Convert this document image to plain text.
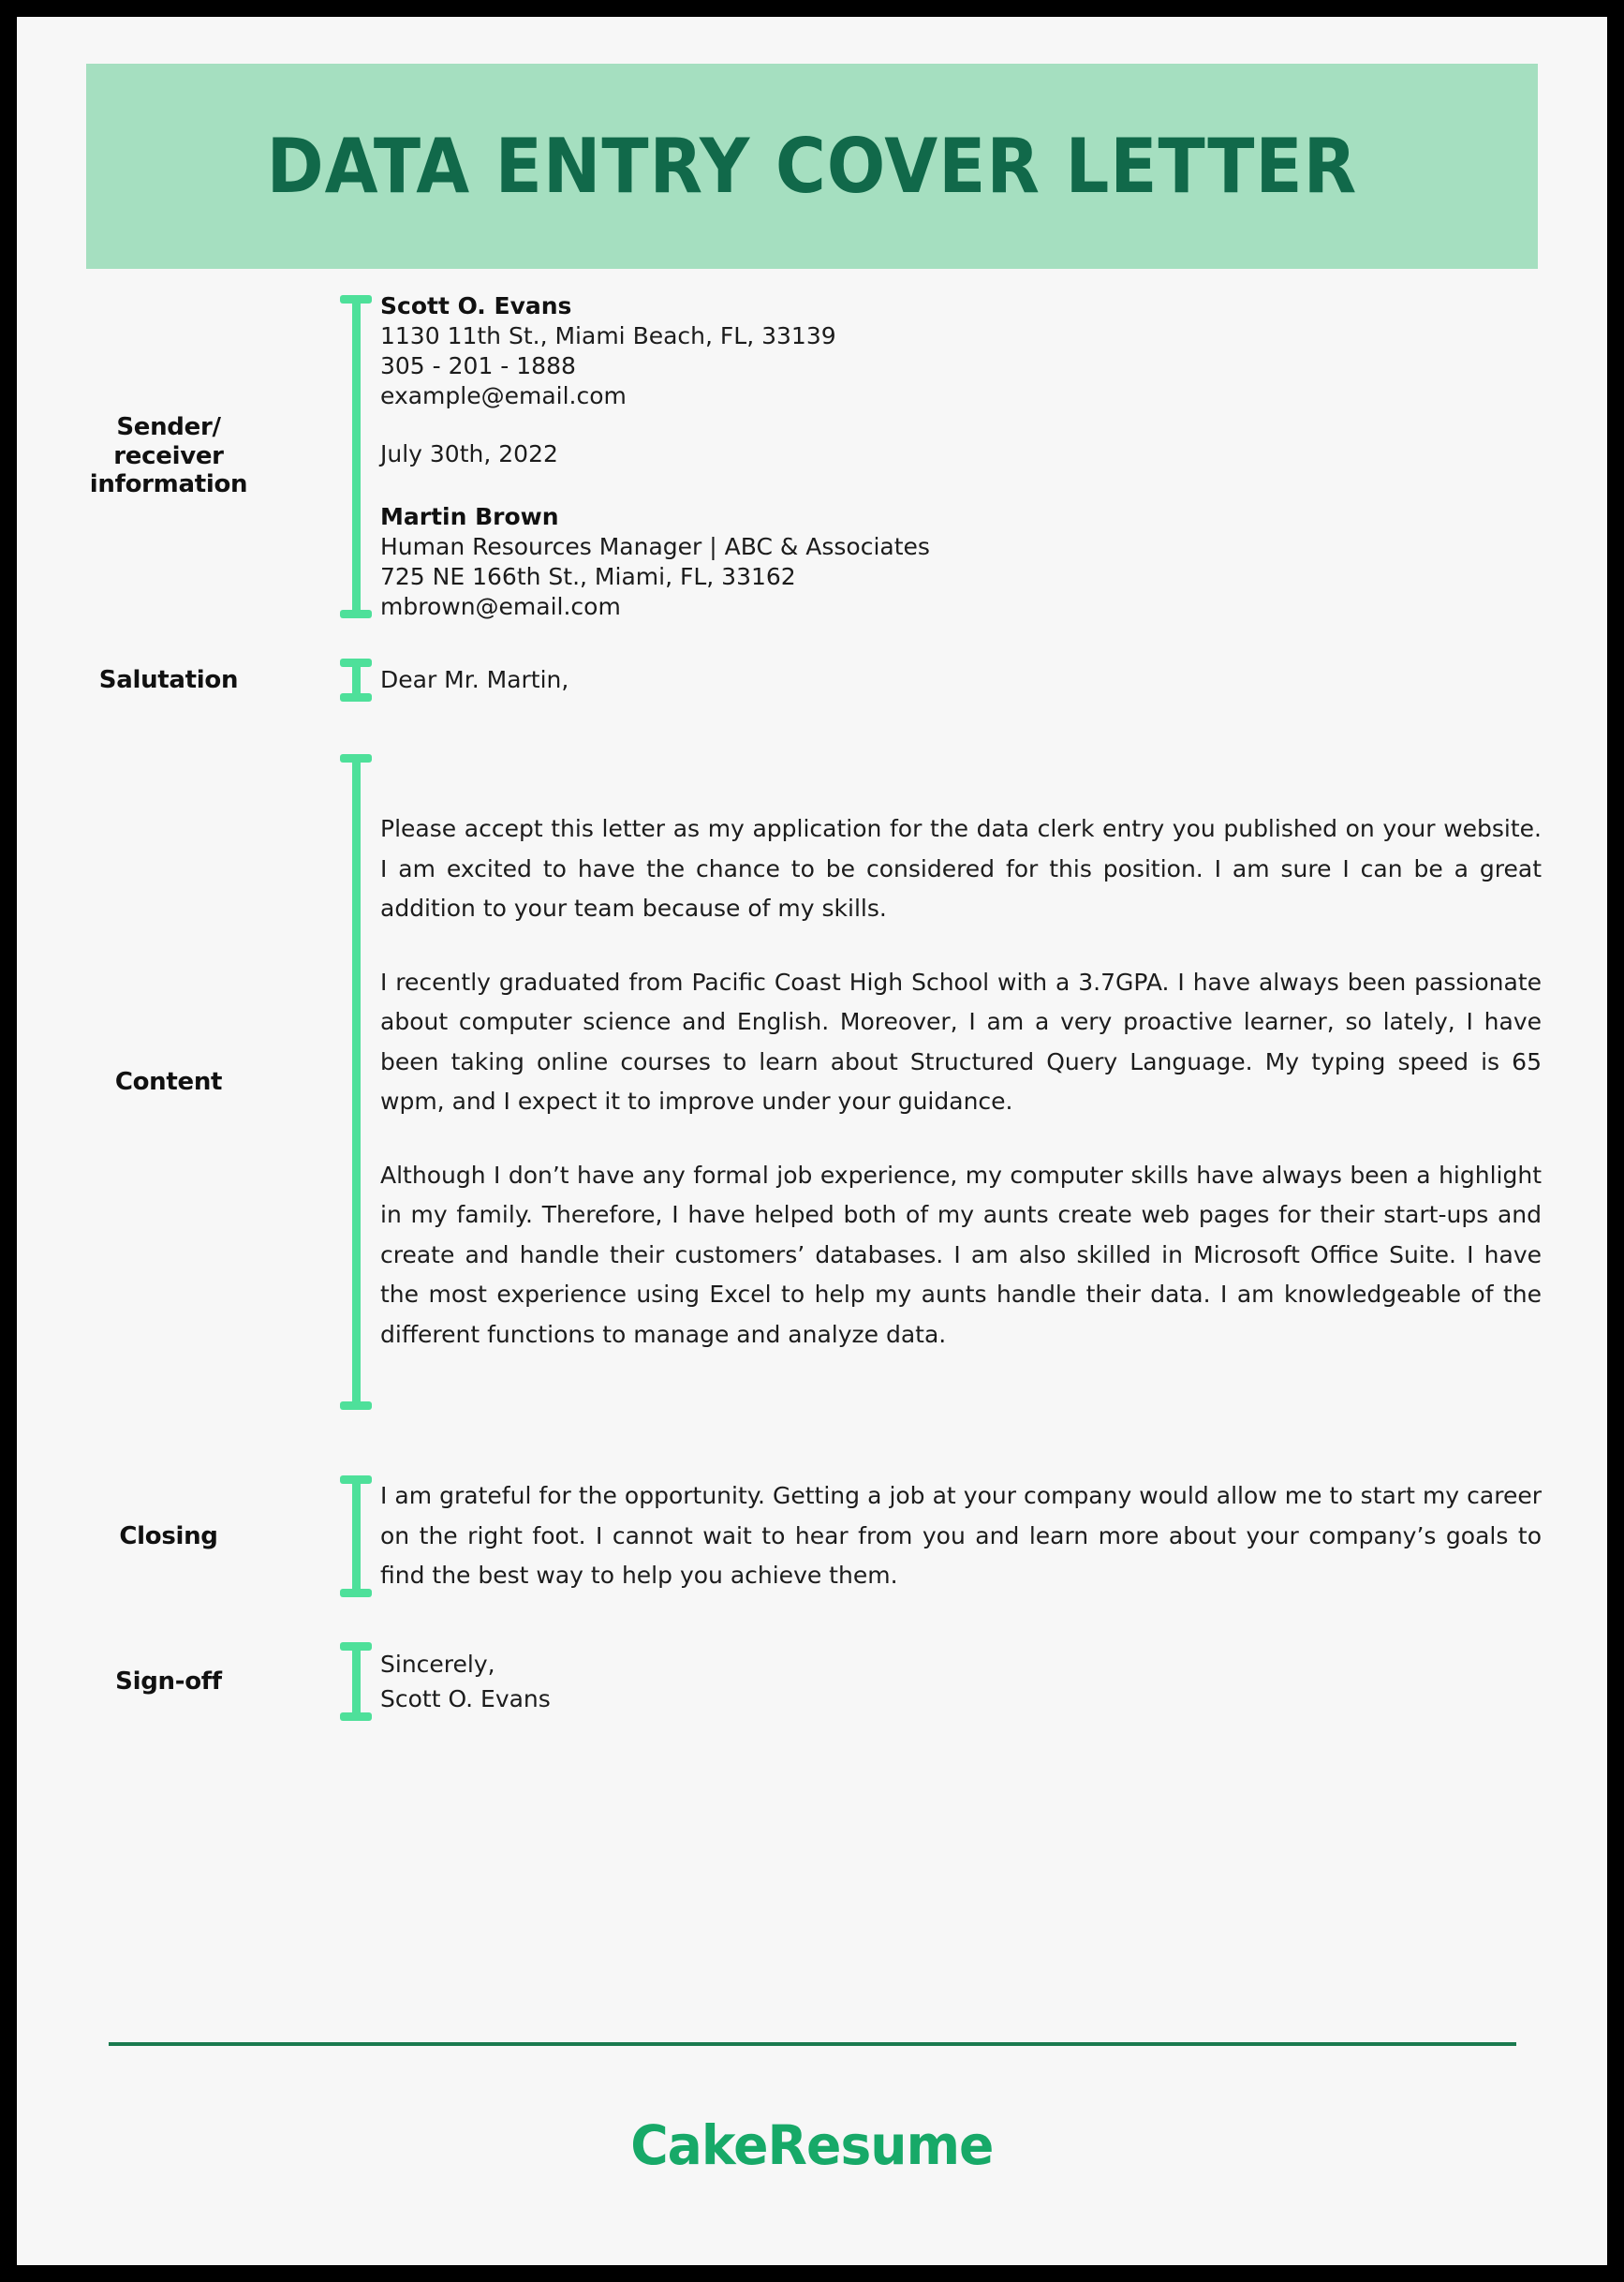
DATA ENTRY COVER LETTER
Sender/
receiver
information
Scott O. Evans
1130 11th St., Miami Beach, FL, 33139
305 - 201 - 1888
example@email.com
July 30th, 2022
Martin Brown
Human Resources Manager | ABC & Associates
725 NE 166th St., Miami, FL, 33162
mbrown@email.com
Salutation	Dear Mr. Martin,
Content

Please accept this letter as my application for the data clerk entry you published on your website. I am excited to have the chance to be considered for this position. I am sure I can be a great addition to your team because of my skills.

I recently graduated from Pacific Coast High School with a 3.7GPA. I have always been passionate about computer science and English. Moreover, I am a very proactive learner, so lately, I have been taking online courses to learn about Structured Query Language. My typing speed is 65 wpm, and I expect it to improve under your guidance.

Although I don’t have any formal job experience, my computer skills have always been a highlight in my family. Therefore, I have helped both of my aunts create web pages for their start-ups and create and handle their customers’ databases. I am also skilled in Microsoft Office Suite. I have the most experience using Excel to help my aunts handle their data. I am knowledgeable of the different functions to manage and analyze data.

Closing

I am grateful for the opportunity. Getting a job at your company would allow me to start my career on the right foot. I cannot wait to hear from you and learn more about your company’s goals to find the best way to help you achieve them.

Sign-off
Sincerely,
Scott O. Evans
CakeResume
